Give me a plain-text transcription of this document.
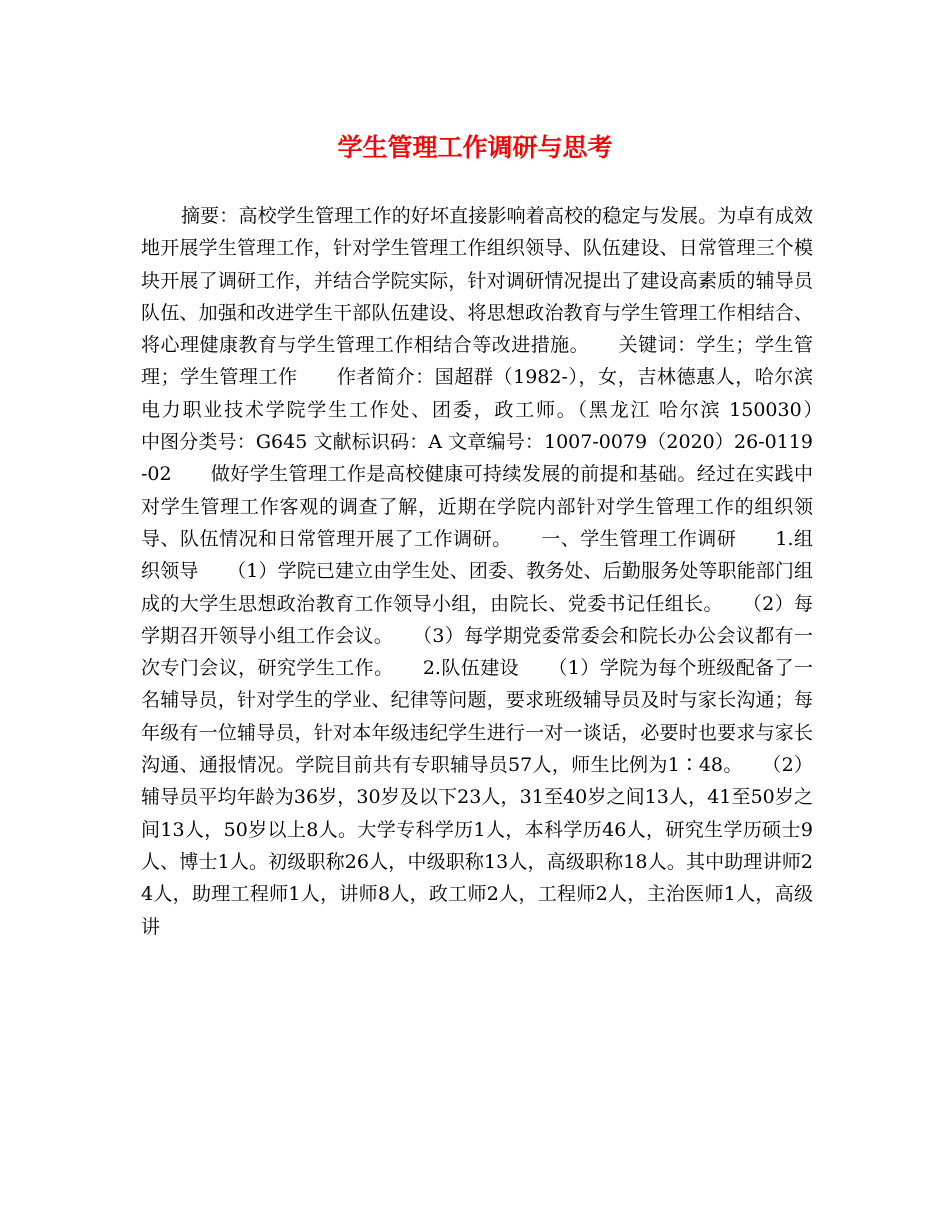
学生管理工作调研与思考

摘要：高校学生管理工作的好坏直接影响着高校的稳定与发展。为卓有成效地开展学生管理工作，针对学生管理工作组织领导、队伍建设、日常管理三个模块开展了调研工作，并结合学院实际，针对调研情况提出了建设高素质的辅导员队伍、加强和改进学生干部队伍建设、将思想政治教育与学生管理工作相结合、将心理健康教育与学生管理工作相结合等改进措施。　　关键词：学生；学生管理；学生管理工作　　作者简介：国超群（1982-），女，吉林德惠人，哈尔滨电力职业技术学院学生工作处、团委，政工师。（黑龙江 哈尔滨 150030）　　中图分类号：G645 文献标识码：A 文章编号：1007-0079（2020）26-0119-02　　做好学生管理工作是高校健康可持续发展的前提和基础。经过在实践中对学生管理工作客观的调查了解，近期在学院内部针对学生管理工作的组织领导、队伍情况和日常管理开展了工作调研。　　一、学生管理工作调研　　1.组织领导　　（1）学院已建立由学生处、团委、教务处、后勤服务处等职能部门组成的大学生思想政治教育工作领导小组，由院长、党委书记任组长。　　（2）每学期召开领导小组工作会议。　　（3）每学期党委常委会和院长办公会议都有一次专门会议，研究学生工作。　　2.队伍建设　　（1）学院为每个班级配备了一名辅导员，针对学生的学业、纪律等问题，要求班级辅导员及时与家长沟通；每年级有一位辅导员，针对本年级违纪学生进行一对一谈话，必要时也要求与家长沟通、通报情况。学院目前共有专职辅导员57人，师生比例为1∶48。　　（2）辅导员平均年龄为36岁，30岁及以下23人，31至40岁之间13人，41至50岁之间13人，50岁以上8人。大学专科学历1人，本科学历46人，研究生学历硕士9人、博士1人。初级职称26人，中级职称13人，高级职称18人。其中助理讲师24人，助理工程师1人，讲师8人，政工师2人，工程师2人，主治医师1人，高级讲
